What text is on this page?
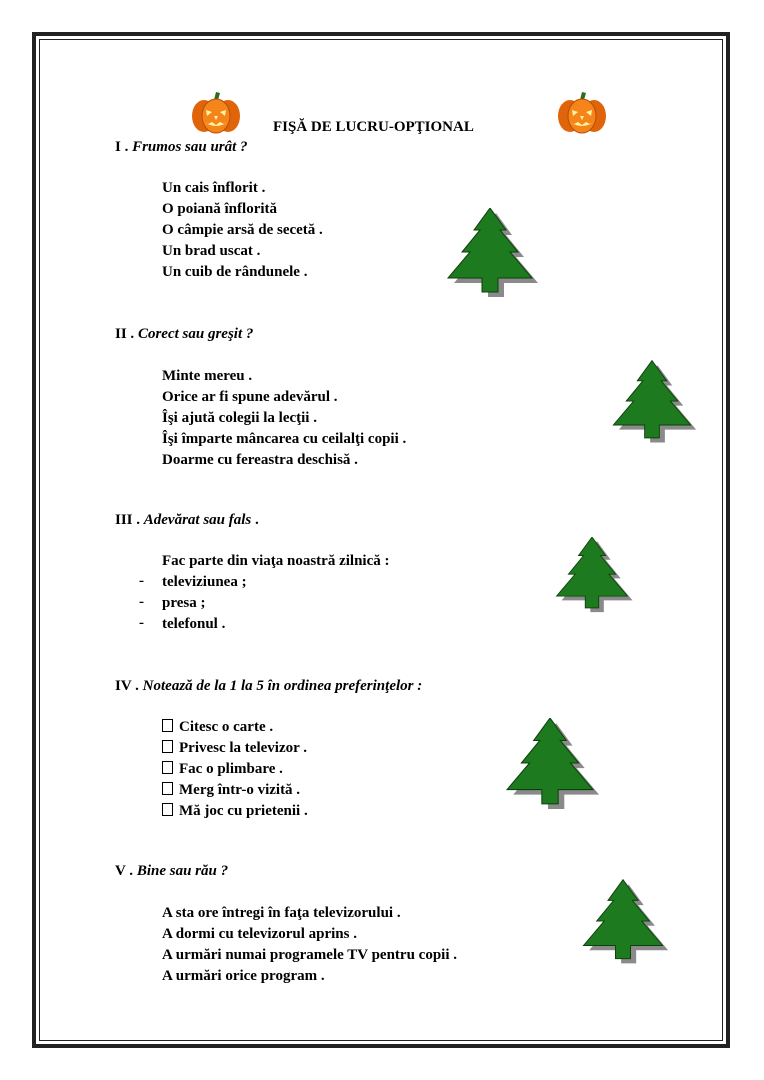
FIŞĂ DE LUCRU-OPŢIONAL
I . Frumos sau urât ?
Un cais înflorit .
O poiană înflorită
O câmpie arsă de secetă .
Un brad uscat .
Un cuib de rândunele .
II . Corect sau greşit ?
Minte mereu .
Orice ar fi spune adevărul .
Îşi ajută colegii la lecţii .
Îşi împarte mâncarea cu ceilalţi copii .
Doarme cu fereastra deschisă .
III . Adevărat sau fals .
Fac parte din viaţa noastră zilnică :
- televiziunea ;
- presa ;
- telefonul .
IV . Notează de la 1 la 5 în ordinea preferinţelor :
Citesc o carte .
Privesc la televizor .
Fac o plimbare .
Merg într-o vizită .
Mă joc cu prietenii .
V . Bine sau rău ?
A sta ore întregi în faţa televizorului .
A dormi cu televizorul aprins .
A urmări numai programele TV pentru copii .
A urmări orice program .
